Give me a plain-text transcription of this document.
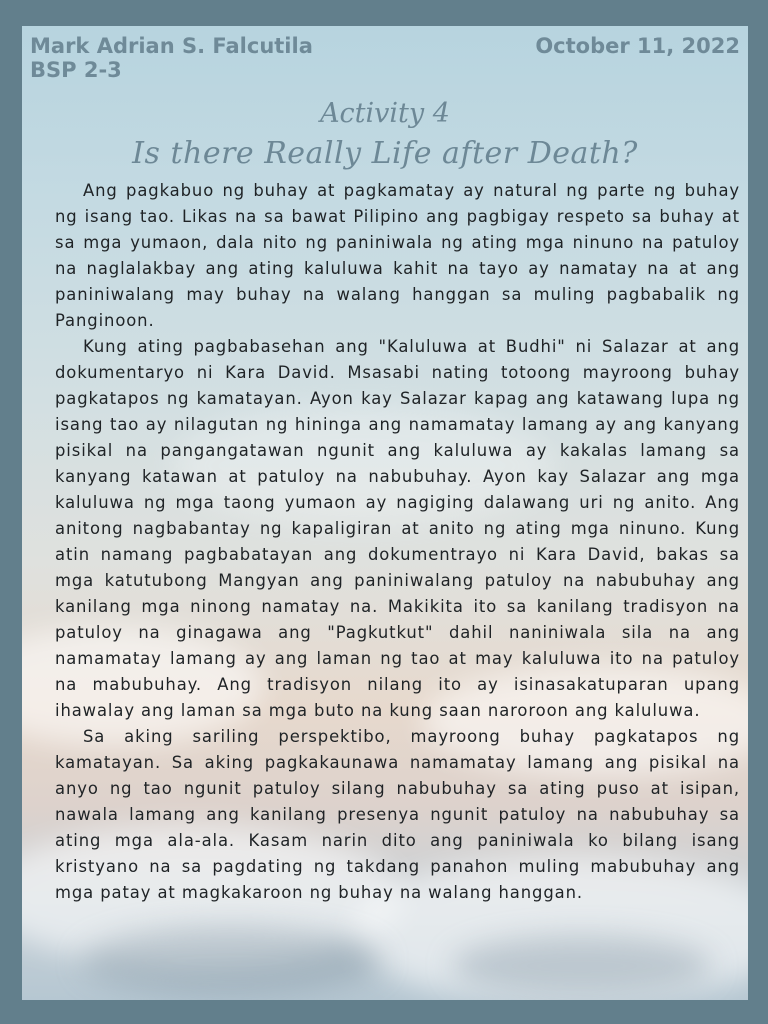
Mark Adrian S. Falcutila
BSP 2-3
October 11, 2022
Activity 4
Is there Really Life after Death?

Ang pagkabuo ng buhay at pagkamatay ay natural ng parte ng buhay ng isang tao. Likas na sa bawat Pilipino ang pagbigay respeto sa buhay at sa mga yumaon, dala nito ng paniniwala ng ating mga ninuno na patuloy na naglalakbay ang ating kaluluwa kahit na tayo ay namatay na at ang paniniwalang may buhay na walang hanggan sa muling pagbabalik ng Panginoon.

Kung ating pagbabasehan ang "Kaluluwa at Budhi" ni Salazar at ang dokumentaryo ni Kara David. Msasabi nating totoong mayroong buhay pagkatapos ng kamatayan. Ayon kay Salazar kapag ang katawang lupa ng isang tao ay nilagutan ng hininga ang namamatay lamang ay ang kanyang pisikal na pangangatawan ngunit ang kaluluwa ay kakalas lamang sa kanyang katawan at patuloy na nabubuhay. Ayon kay Salazar ang mga kaluluwa ng mga taong yumaon ay nagiging dalawang uri ng anito. Ang anitong nagbabantay ng kapaligiran at anito ng ating mga ninuno. Kung atin namang pagbabatayan ang dokumentrayo ni Kara David, bakas sa mga katutubong Mangyan ang paniniwalang patuloy na nabubuhay ang kanilang mga ninong namatay na. Makikita ito sa kanilang tradisyon na patuloy na ginagawa ang "Pagkutkut" dahil naniniwala sila na ang namamatay lamang ay ang laman ng tao at may kaluluwa ito na patuloy na mabubuhay. Ang tradisyon nilang ito ay isinasakatuparan upang ihawalay ang laman sa mga buto na kung saan naroroon ang kaluluwa.

Sa aking sariling perspektibo, mayroong buhay pagkatapos ng kamatayan. Sa aking pagkakaunawa namamatay lamang ang pisikal na anyo ng tao ngunit patuloy silang nabubuhay sa ating puso at isipan, nawala lamang ang kanilang presenya ngunit patuloy na nabubuhay sa ating mga ala-ala. Kasam narin dito ang paniniwala ko bilang isang kristyano na sa pagdating ng takdang panahon muling mabubuhay ang mga patay at magkakaroon ng buhay na walang hanggan.
